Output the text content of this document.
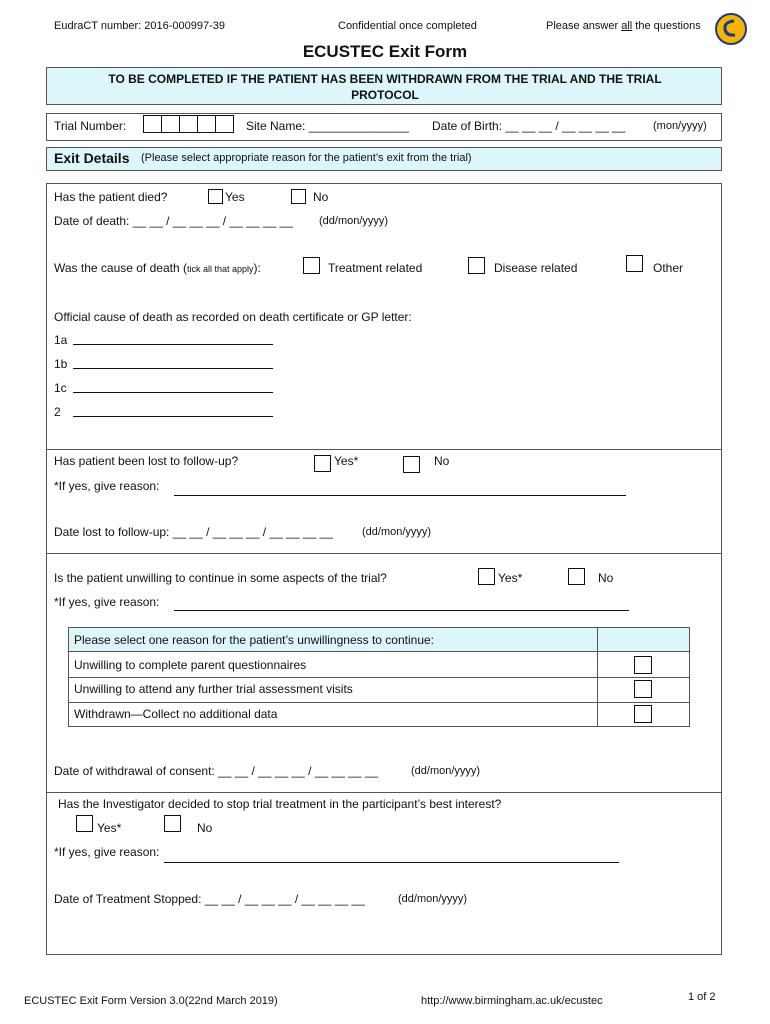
EudraCT number: 2016-000997-39	Confidential once completed	Please answer all the questions
ECUSTEC Exit Form
TO BE COMPLETED IF THE PATIENT HAS BEEN WITHDRAWN FROM THE TRIAL AND THE TRIAL
PROTOCOL
Trial Number:	Site Name: _______________ Date of Birth: __ __ __ / __ __ __ __	(mon/yyyy)
Exit Details (Please select appropriate reason for the patient’s exit from the trial)
Has the patient died?	Yes	No
Date of death: __ __ / __ __ __ / __ __ __ __ (dd/mon/yyyy)
Was the cause of death (tick all that apply):	Treatment related	Disease related	Other
Official cause of death as recorded on death certificate or GP letter:
1a
1b
1c
2
Has patient been lost to follow-up?	Yes*	No
*If yes, give reason:
Date lost to follow-up: __ __ / __ __ __ / __ __ __ __	(dd/mon/yyyy)
Is the patient unwilling to continue in some aspects of the trial?	Yes*	No
*If yes, give reason:
Please select one reason for the patient’s unwillingness to continue:
Unwilling to complete parent questionnaires
Unwilling to attend any further trial assessment visits
Withdrawn—Collect no additional data
Date of withdrawal of consent: __ __ / __ __ __ / __ __ __ __	(dd/mon/yyyy)
Has the Investigator decided to stop trial treatment in the participant’s best interest?
Yes*	No
*If yes, give reason:
Date of Treatment Stopped: __ __ / __ __ __ / __ __ __ __	(dd/mon/yyyy)
ECUSTEC Exit Form Version 3.0(22nd March 2019)	http://www.birmingham.ac.uk/ecustec	1 of 2
